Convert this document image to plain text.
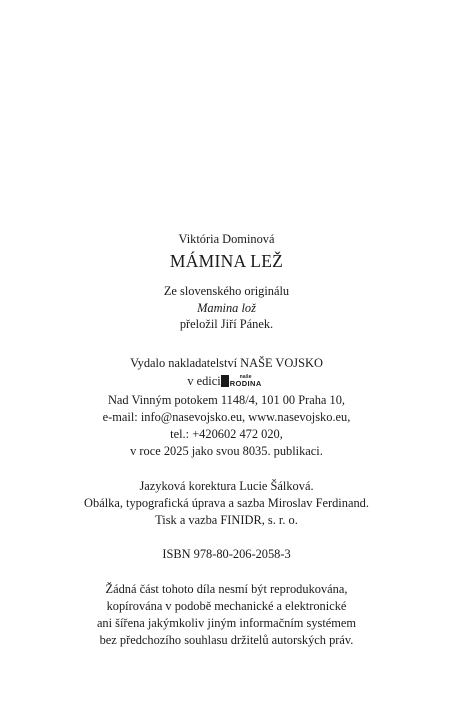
Viktória Dominová
MÁMINA LEŽ
Ze slovenského originálu
Mamina lož
přeložil Jiří Pánek.
Vydalo nakladatelství NAŠE VOJSKO
v edici	naše
RODINA
Nad Vinným potokem 1148/4, 101 00 Praha 10,
e-mail: info@nasevojsko.eu, www.nasevojsko.eu,
tel.: +420602 472 020,
v roce 2025 jako svou 8035. publikaci.
Jazyková korektura Lucie Šálková.
Obálka, typografická úprava a sazba Miroslav Ferdinand.
Tisk a vazba FINIDR, s. r. o.
ISBN 978-80-206-2058-3
Žádná část tohoto díla nesmí být reprodukována,
kopírována v podobě mechanické a elektronické
ani šířena jakýmkoliv jiným informačním systémem
bez předchozího souhlasu držitelů autorských práv.
